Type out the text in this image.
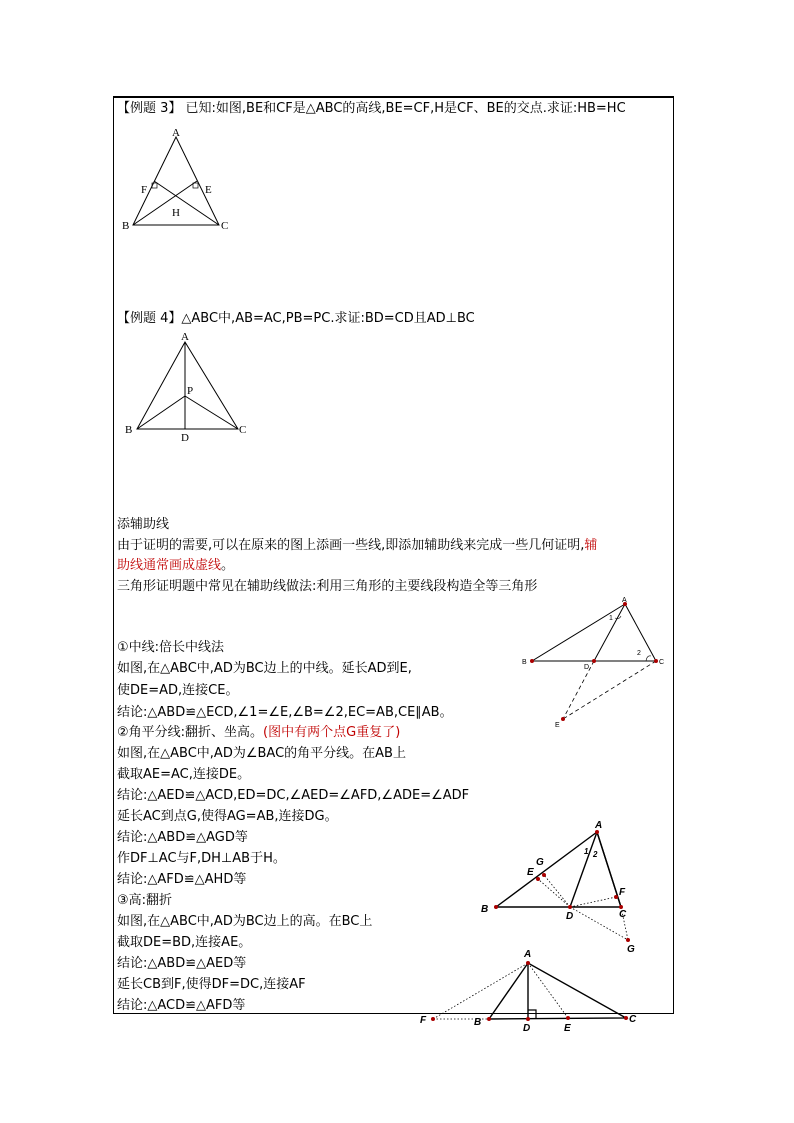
【例题 3】 已知:如图,BE和CF是△ABC的高线,BE=CF,H是CF、BE的交点.求证:HB=HC
A
B	C
E
F
H
【例题 4】△ABC中,AB=AC,PB=PC.求证:BD=CD且AD⊥BC
A
B	C
D
P
添辅助线
由于证明的需要,可以在原来的图上添画一些线,即添加辅助线来完成一些几何证明,辅
助线通常画成虚线。
三角形证明题中常见在辅助线做法:利用三角形的主要线段构造全等三角形
A
B	C
D
E
1
2
①中线:倍长中线法
如图,在△ABC中,AD为BC边上的中线。延长AD到E,
使DE=AD,连接CE。
结论:△ABD≌△ECD,∠1=∠E,∠B=∠2,EC=AB,CE∥AB。
②角平分线:翻折、坐高。(图中有两个点G重复了)
如图,在△ABC中,AD为∠BAC的角平分线。在AB上
截取AE=AC,连接DE。
结论:△AED≌△ACD,ED=DC,∠AED=∠AFD,∠ADE=∠ADF
延长AC到点G,使得AG=AB,连接DG。
结论:△ABD≌△AGD等
作DF⊥AC与F,DH⊥AB于H。
结论:△AFD≌△AHD等
A
B	C
D
E
F
G
G
1 2
③高:翻折
如图,在△ABC中,AD为BC边上的高。在BC上
截取DE=BD,连接AE。
结论:△ABD≌△AED等
延长CB到F,使得DF=DC,连接AF
结论:△ACD≌△AFD等
A
B	C
D	E
F
